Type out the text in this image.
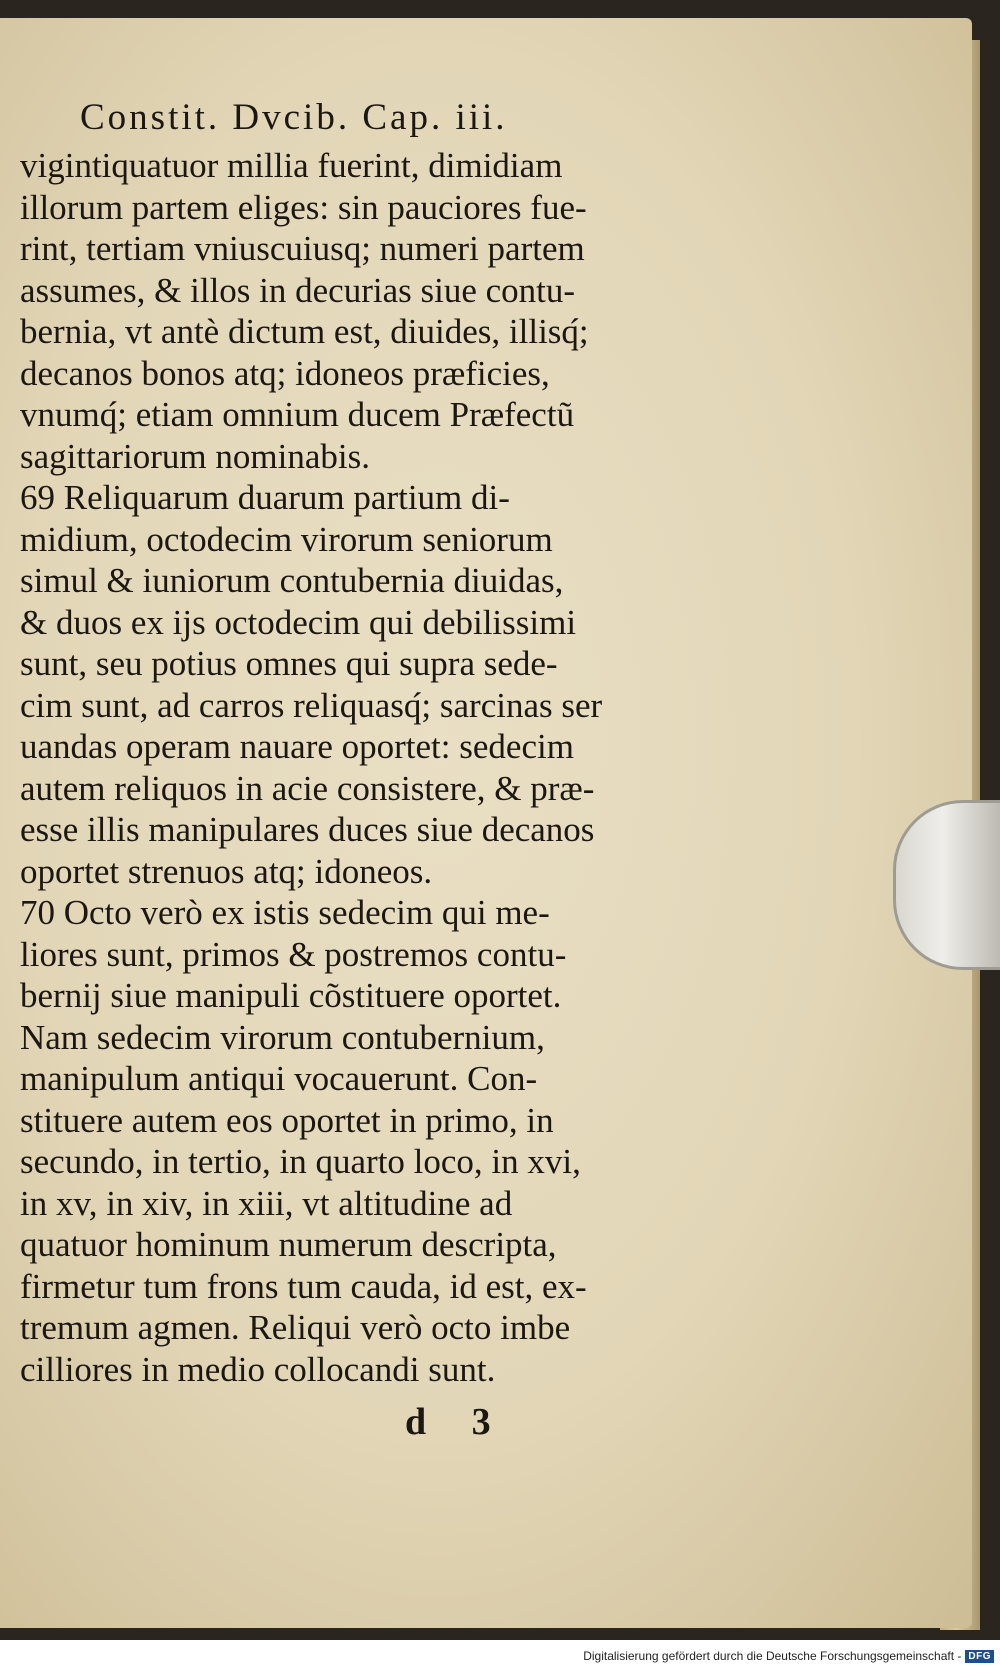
Constit. Dvcib. Cap. iii.
vigintiquatuor millia fuerint, dimidiam
illorum partem eliges: sin pauciores fue-
rint, tertiam vniuscuiusq; numeri partem
assumes, & illos in decurias siue contu-
bernia, vt antè dictum est, diuides, illisq́;
decanos bonos atq; idoneos præficies,
vnumq́; etiam omnium ducem Præfectũ
sagittariorum nominabis.
69 Reliquarum duarum partium di-
midium, octodecim virorum seniorum
simul & iuniorum contubernia diuidas,
& duos ex ijs octodecim qui debilissimi
sunt, seu potius omnes qui supra sede-
cim sunt, ad carros reliquasq́; sarcinas ser
uandas operam nauare oportet: sedecim
autem reliquos in acie consistere, & præ-
esse illis manipulares duces siue decanos
oportet strenuos atq; idoneos.
70 Octo verò ex istis sedecim qui me-
liores sunt, primos & postremos contu-
bernij siue manipuli cõstituere oportet.
Nam sedecim virorum contubernium,
manipulum antiqui vocauerunt. Con-
stituere autem eos oportet in primo, in
secundo, in tertio, in quarto loco, in xvi,
in xv, in xiv, in xiii, vt altitudine ad
quatuor hominum numerum descripta,
firmetur tum frons tum cauda, id est, ex-
tremum agmen. Reliqui verò octo imbe
cilliores in medio collocandi sunt.
d 3
Digitalisierung gefördert durch die Deutsche Forschungsgemeinschaft - DFG
